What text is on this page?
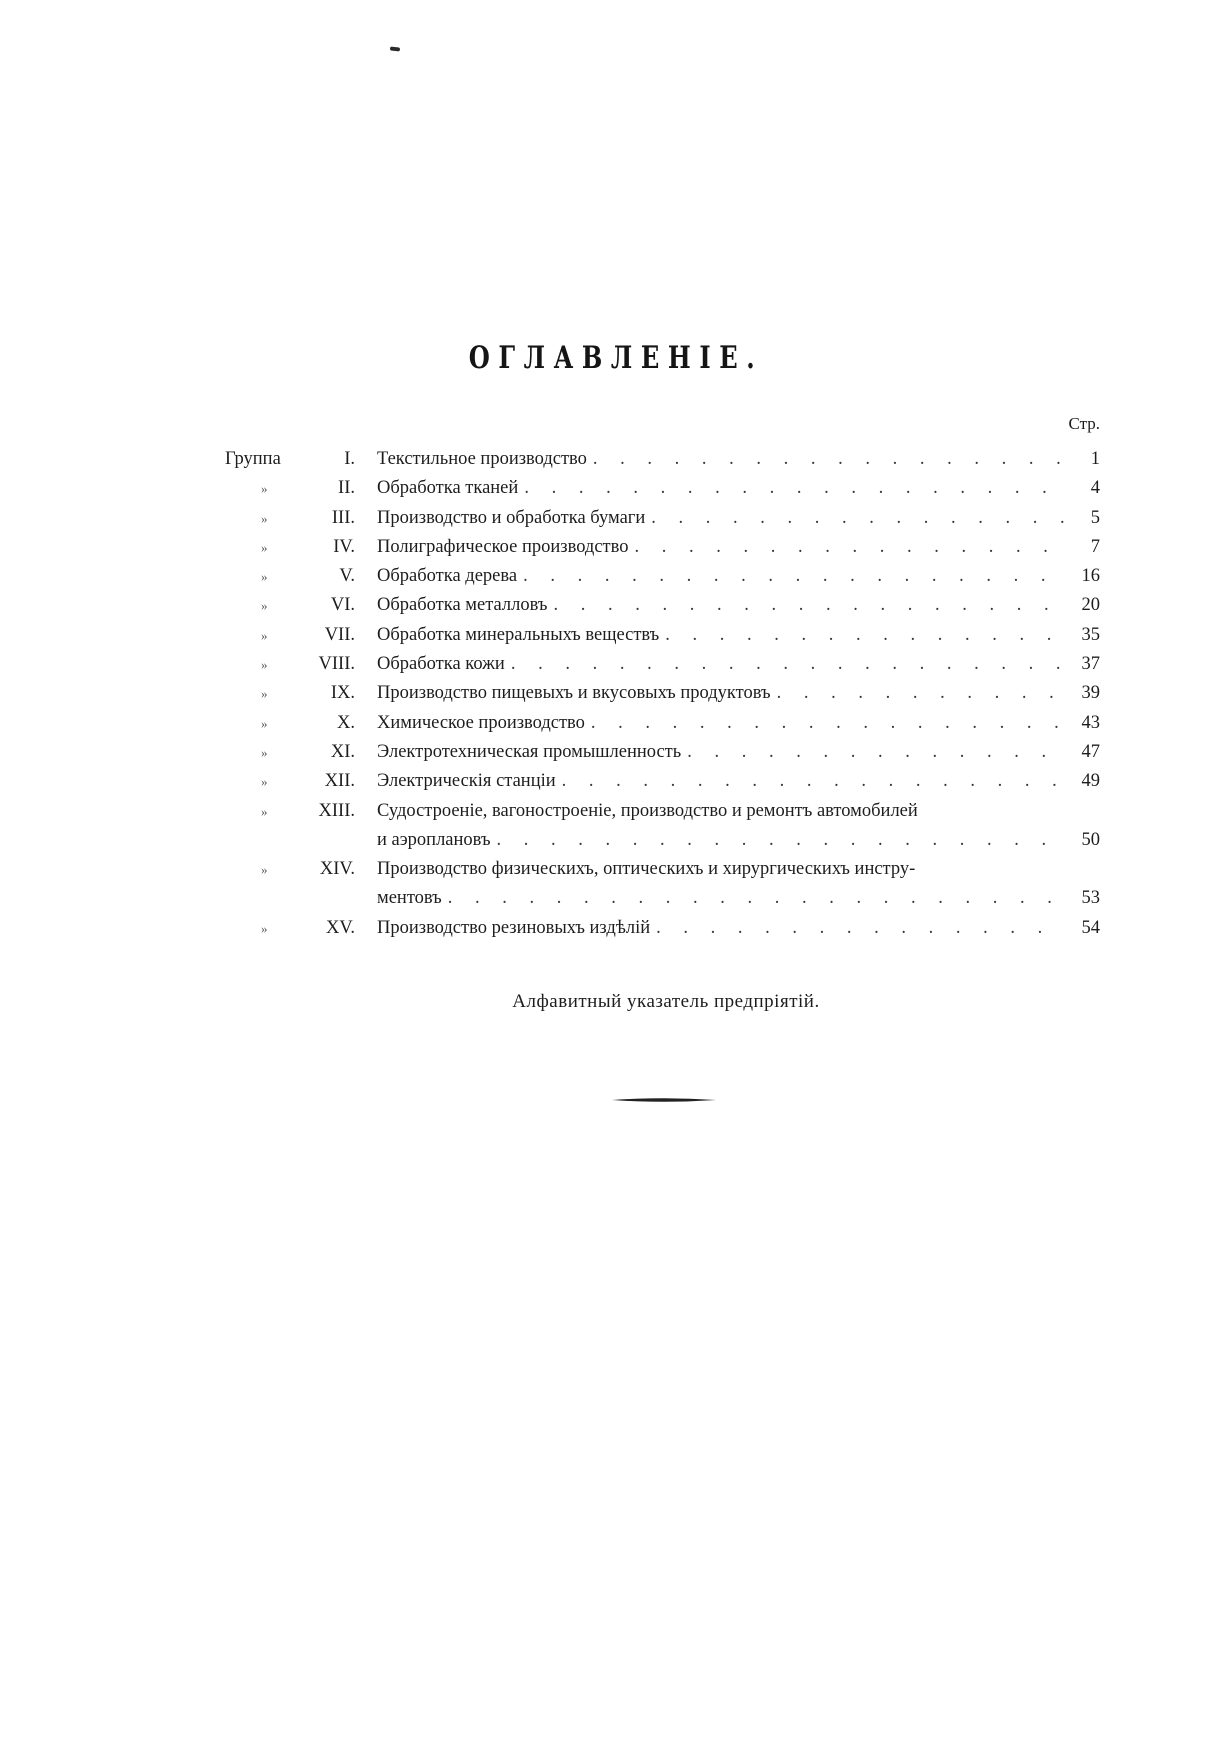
ОГЛАВЛЕНІЕ.
Стр.
Группа	I. Текстильное производство . . .	1
»	II. Обработка тканей . . .	4
»	III. Производство и обработка бумаги . . .	5
»	IV. Полиграфическое производство . . .	7
»	V. Обработка дерева . . .	16
»	VI. Обработка металловъ . . .	20
»	VII. Обработка минеральныхъ веществъ . . .	35
»	VIII. Обработка кожи . . .	37
»	IX. Производство пищевыхъ и вкусовыхъ продуктовъ . . .	39
»	X. Химическое производство . . .	43
»	XI. Электротехническая промышленность . . .	47
»	XII. Электрическія станціи . . .	49
»	XIII. Судостроеніе, вагоностроеніе, производство и ремонтъ автомобилей
и аэроплановъ . . .	50
»	XIV. Производство физическихъ, оптическихъ и хирургическихъ инстру-
ментовъ . . .	53
»	XV. Производство резиновыхъ издѣлій . . .	54
Алфавитный указатель предпріятій.
